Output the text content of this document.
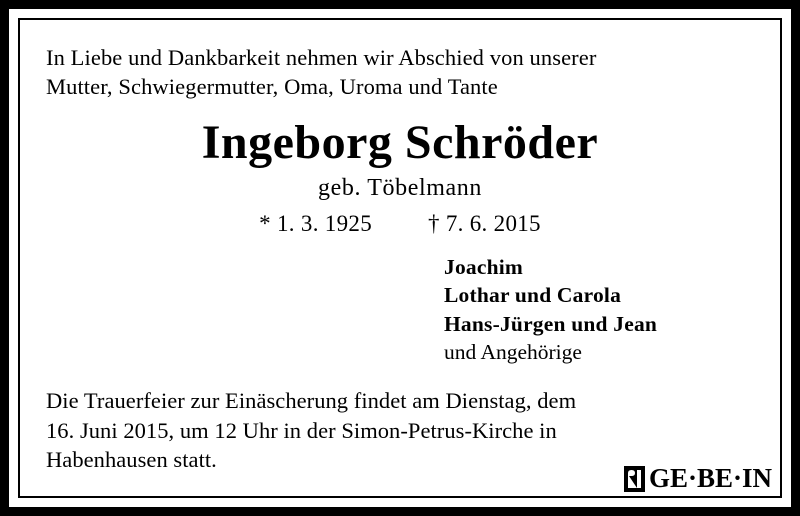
In Liebe und Dankbarkeit nehmen wir Abschied von unserer
Mutter, Schwiegermutter, Oma, Uroma und Tante
Ingeborg Schröder
geb. Töbelmann
* 1. 3. 1925 † 7. 6. 2015
Joachim
Lothar und Carola
Hans-Jürgen und Jean
und Angehörige
Die Trauerfeier zur Einäscherung findet am Dienstag, dem
16. Juni 2015, um 12 Uhr in der Simon-Petrus-Kirche in
Habenhausen statt.
GE·BE·IN
